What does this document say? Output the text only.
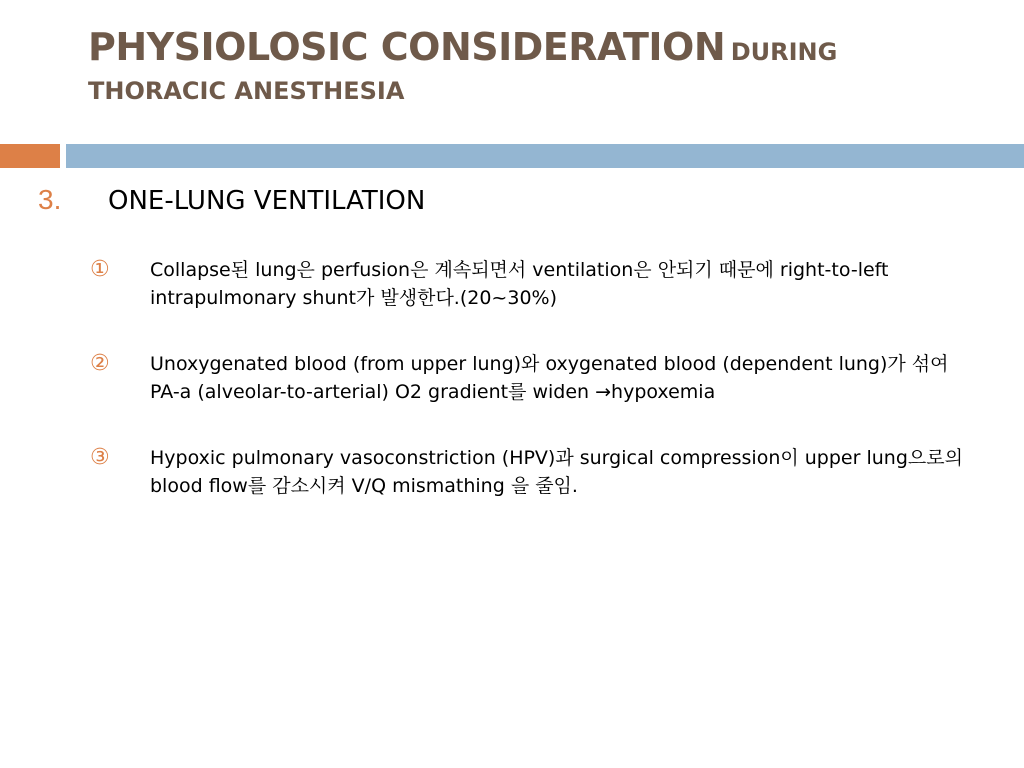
PHYSIOLOSIC CONSIDERATION DURING
THORACIC ANESTHESIA
3. ONE-LUNG VENTILATION
① Collapse된 lung은 perfusion은 계속되면서 ventilation은 안되기 때문에 right-to-left intrapulmonary shunt가 발생한다.(20~30%)
② Unoxygenated blood (from upper lung)와 oxygenated blood (dependent lung)가 섞여 PA-a (alveolar-to-arterial) O2 gradient를 widen →hypoxemia
③ Hypoxic pulmonary vasoconstriction (HPV)과 surgical compression이 upper lung으로의 blood flow를 감소시켜 V/Q mismathing 을 줄임.
